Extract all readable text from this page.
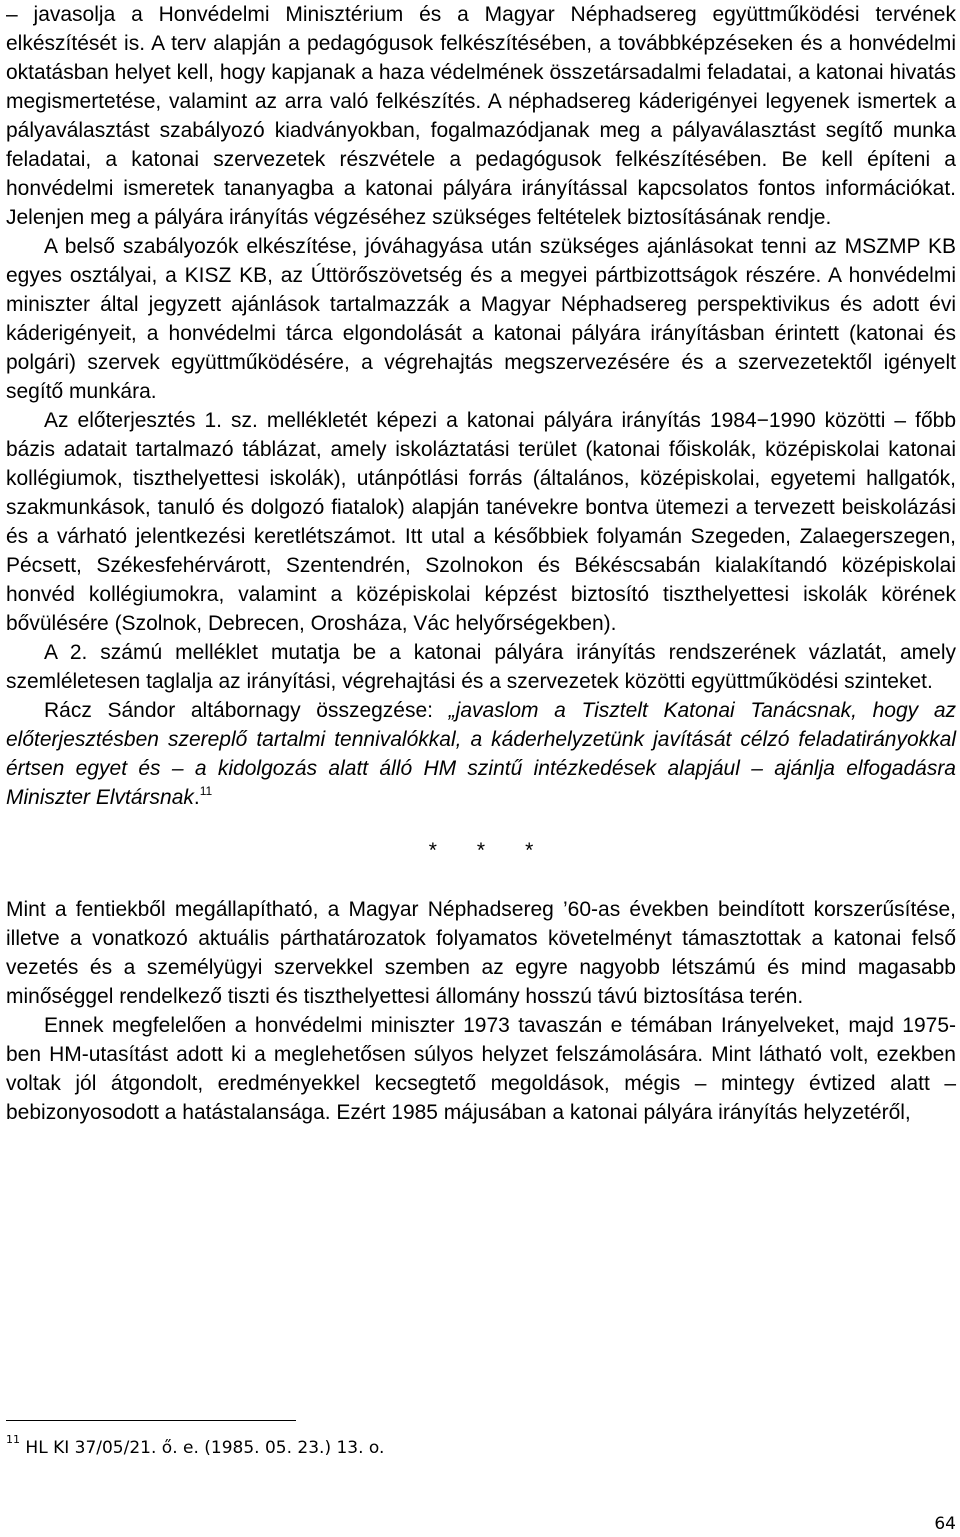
– javasolja a Honvédelmi Minisztérium és a Magyar Néphadsereg együttműködési tervének elkészítését is. A terv alapján a pedagógusok felkészítésében, a továbbképzéseken és a honvédelmi oktatásban helyet kell, hogy kapjanak a haza védelmének összetársadalmi feladatai, a katonai hivatás megismertetése, valamint az arra való felkészítés. A néphadsereg káderigényei legyenek ismertek a pályaválasztást szabályozó kiadványokban, fogalmazódjanak meg a pályaválasztást segítő munka feladatai, a katonai szervezetek részvétele a pedagógusok felkészítésében. Be kell építeni a honvédelmi ismeretek tananyagba a katonai pályára irányítással kapcsolatos fontos információkat. Jelenjen meg a pályára irányítás végzéséhez szükséges feltételek biztosításának rendje.

A belső szabályozók elkészítése, jóváhagyása után szükséges ajánlásokat tenni az MSZMP KB egyes osztályai, a KISZ KB, az Úttörőszövetség és a megyei pártbizottságok részére. A honvédelmi miniszter által jegyzett ajánlások tartalmazzák a Magyar Néphadsereg perspektivikus és adott évi káderigényeit, a honvédelmi tárca elgondolását a katonai pályára irányításban érintett (katonai és polgári) szervek együttműködésére, a végrehajtás megszervezésére és a szervezetektől igényelt segítő munkára.

Az előterjesztés 1. sz. mellékletét képezi a katonai pályára irányítás 1984−1990 közötti – főbb bázis adatait tartalmazó táblázat, amely iskoláztatási terület (katonai főiskolák, középiskolai katonai kollégiumok, tiszthelyettesi iskolák), utánpótlási forrás (általános, középiskolai, egyetemi hallgatók, szakmunkások, tanuló és dolgozó fiatalok) alapján tanévekre bontva ütemezi a tervezett beiskolázási és a várható jelentkezési keretlétszámot. Itt utal a későbbiek folyamán Szegeden, Zalaegerszegen, Pécsett, Székesfehérvárott, Szentendrén, Szolnokon és Békéscsabán kialakítandó középiskolai honvéd kollégiumokra, valamint a középiskolai képzést biztosító tiszthelyettesi iskolák körének bővülésére (Szolnok, Debrecen, Orosháza, Vác helyőrségekben).

A 2. számú melléklet mutatja be a katonai pályára irányítás rendszerének vázlatát, amely szemléletesen taglalja az irányítási, végrehajtási és a szervezetek közötti együttműködési szinteket.

Rácz Sándor altábornagy összegzése: „javaslom a Tisztelt Katonai Tanácsnak, hogy az előterjesztésben szereplő tartalmi tennivalókkal, a káderhelyzetünk javítását célzó feladatirányokkal értsen egyet és – a kidolgozás alatt álló HM szintű intézkedések alapjául – ajánlja elfogadásra Miniszter Elvtársnak.$^{11}$

* * *

Mint a fentiekből megállapítható, a Magyar Néphadsereg ’60-as években beindított korszerűsítése, illetve a vonatkozó aktuális párthatározatok folyamatos követelményt támasztottak a katonai felső vezetés és a személyügyi szervekkel szemben az egyre nagyobb létszámú és mind magasabb minőséggel rendelkező tiszti és tiszthelyettesi állomány hosszú távú biztosítása terén.

Ennek megfelelően a honvédelmi miniszter 1973 tavaszán e témában Irányelveket, majd 1975-ben HM-utasítást adott ki a meglehetősen súlyos helyzet felszámolására. Mint látható volt, ezekben voltak jól átgondolt, eredményekkel kecsegtető megoldások, mégis – mintegy évtized alatt – bebizonyosodott a hatástalansága. Ezért 1985 májusában a katonai pályára irányítás helyzetéről,

$^{11}$ HL KI 37/05/21. ő. e. (1985. 05. 23.) 13. o.
64
